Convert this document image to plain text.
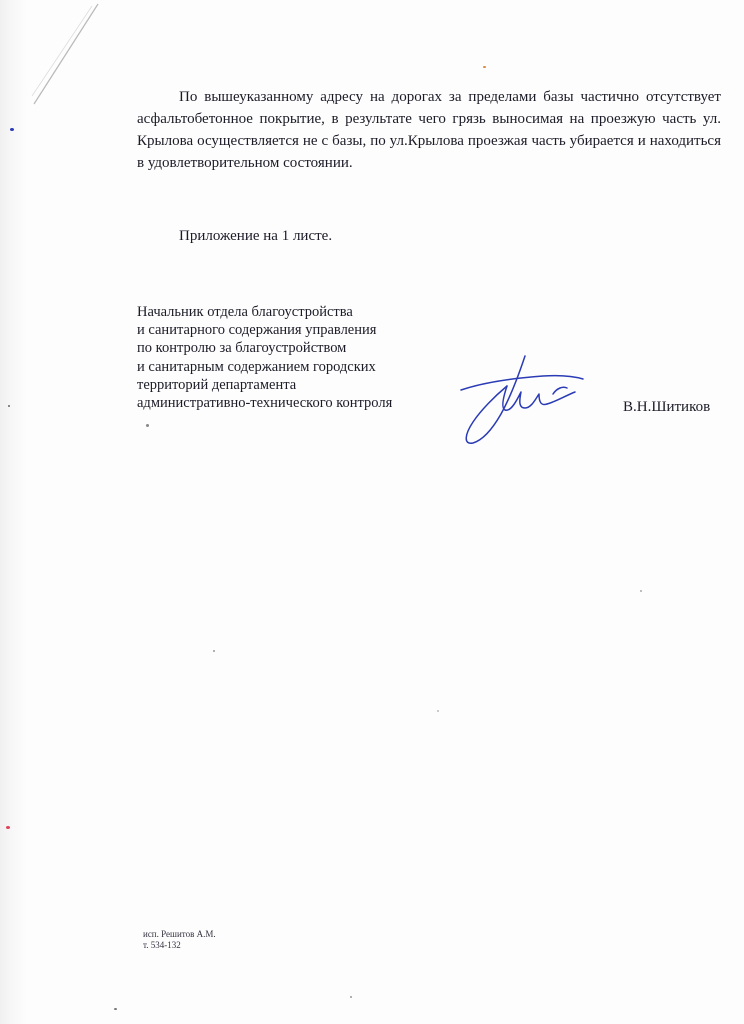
По вышеуказанному адресу на дорогах за пределами базы частично отсутствует асфальтобетонное покрытие, в результате чего грязь выносимая на проезжую часть ул. Крылова осуществляется не с базы, по ул.Крылова проезжая часть убирается и находиться в удовлетворительном состоянии.

Приложение на 1 листе.

Начальник отдела благоустройства
и санитарного содержания управления
по контролю за благоустройством
и санитарным содержанием городских
территорий департамента
административно-технического контроля	В.Н.Шитиков
исп. Решитов А.М.
т. 534-132
